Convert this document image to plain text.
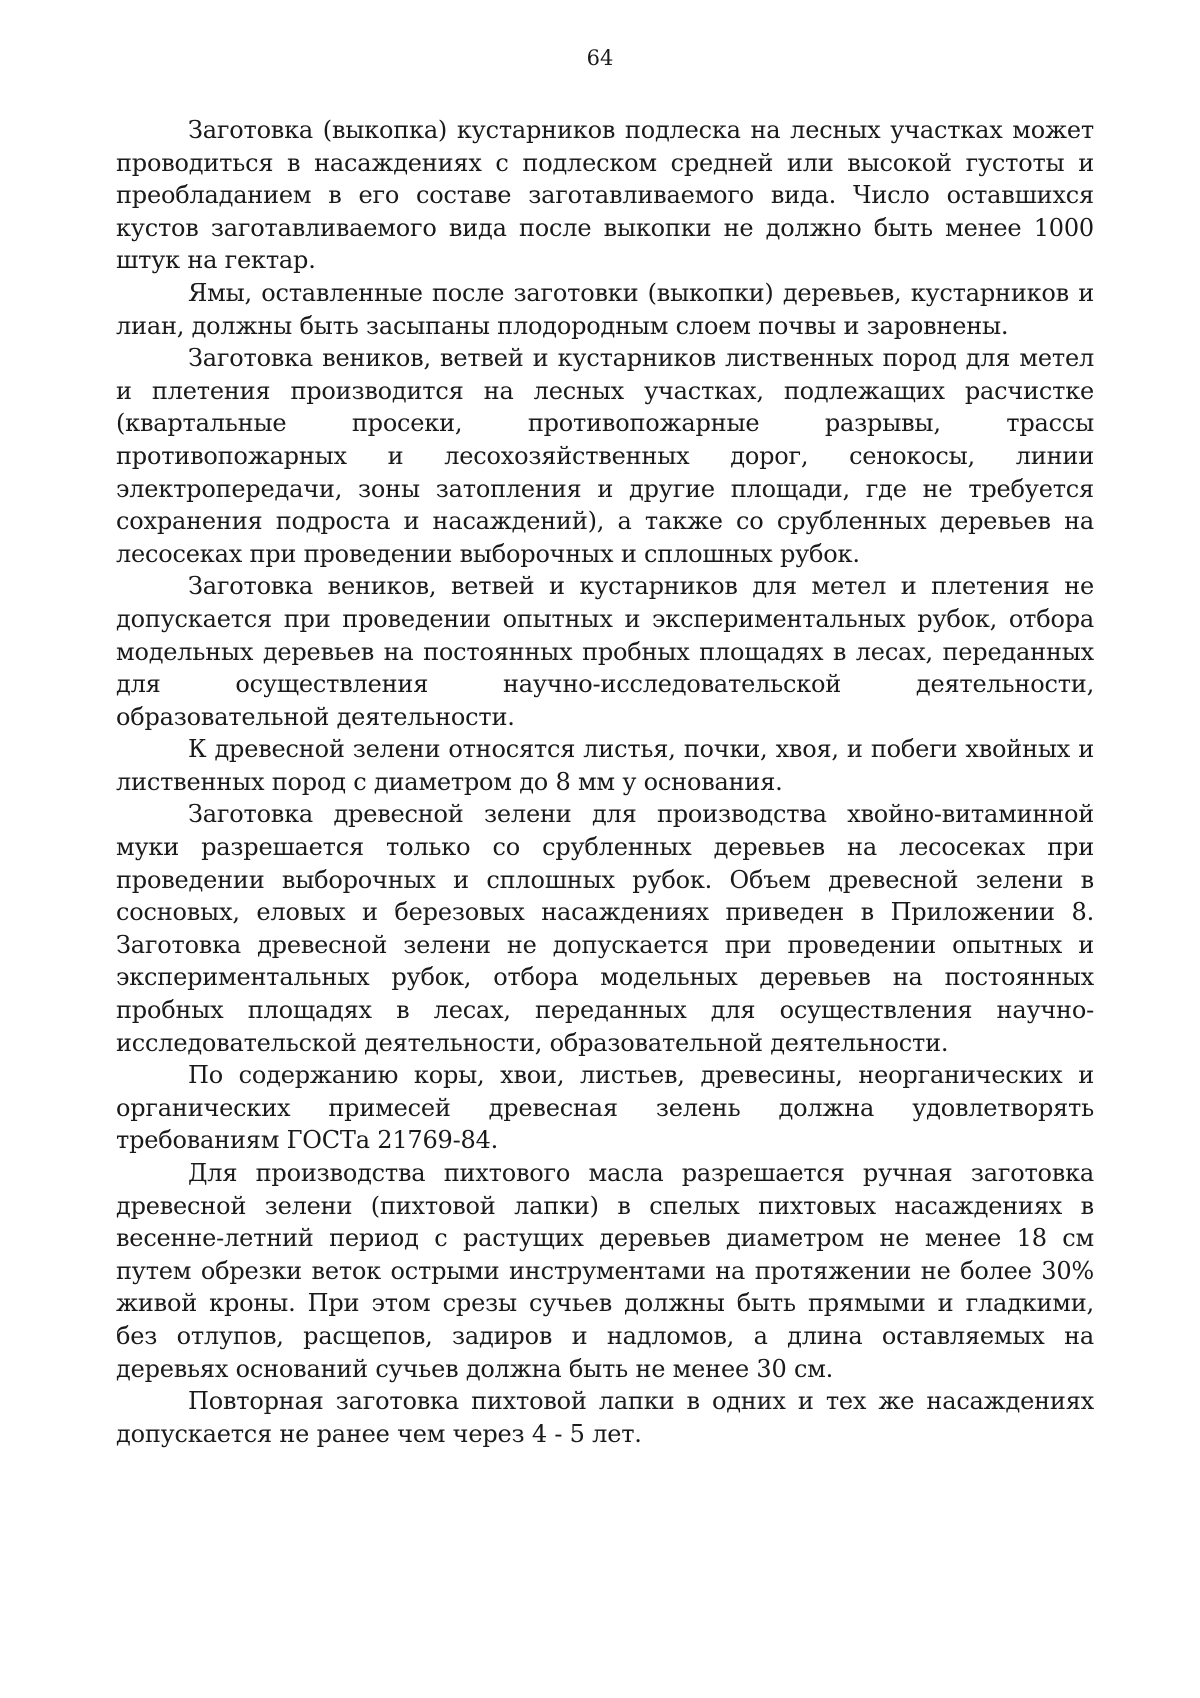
64

Заготовка (выкопка) кустарников подлеска на лесных участках может проводиться в насаждениях с подлеском средней или высокой густоты и преобладанием в его составе заготавливаемого вида. Число оставшихся кустов заготавливаемого вида после выкопки не должно быть менее 1000 штук на гектар.

Ямы, оставленные после заготовки (выкопки) деревьев, кустарников и лиан, должны быть засыпаны плодородным слоем почвы и заровнены.

Заготовка веников, ветвей и кустарников лиственных пород для метел и плетения производится на лесных участках, подлежащих расчистке (квартальные просеки, противопожарные разрывы, трассы противопожарных и лесохозяйственных дорог, сенокосы, линии электропередачи, зоны затопления и другие площади, где не требуется сохранения подроста и насаждений), а также со срубленных деревьев на лесосеках при проведении выборочных и сплошных рубок.

Заготовка веников, ветвей и кустарников для метел и плетения не допускается при проведении опытных и экспериментальных рубок, отбора модельных деревьев на постоянных пробных площадях в лесах, переданных для осуществления научно-исследовательской деятельности, образовательной деятельности.

К древесной зелени относятся листья, почки, хвоя, и побеги хвойных и лиственных пород с диаметром до 8 мм у основания.

Заготовка древесной зелени для производства хвойно-витаминной муки разрешается только со срубленных деревьев на лесосеках при проведении выборочных и сплошных рубок. Объем древесной зелени в сосновых, еловых и березовых насаждениях приведен в Приложении 8. Заготовка древесной зелени не допускается при проведении опытных и экспериментальных рубок, отбора модельных деревьев на постоянных пробных площадях в лесах, переданных для осуществления научно-исследовательской деятельности, образовательной деятельности.

По содержанию коры, хвои, листьев, древесины, неорганических и органических примесей древесная зелень должна удовлетворять требованиям ГОСТа 21769-84.

Для производства пихтового масла разрешается ручная заготовка древесной зелени (пихтовой лапки) в спелых пихтовых насаждениях в весенне-летний период с растущих деревьев диаметром не менее 18 см путем обрезки веток острыми инструментами на протяжении не более 30% живой кроны. При этом срезы сучьев должны быть прямыми и гладкими, без отлупов, расщепов, задиров и надломов, а длина оставляемых на деревьях оснований сучьев должна быть не менее 30 см.

Повторная заготовка пихтовой лапки в одних и тех же насаждениях допускается не ранее чем через 4 - 5 лет.
